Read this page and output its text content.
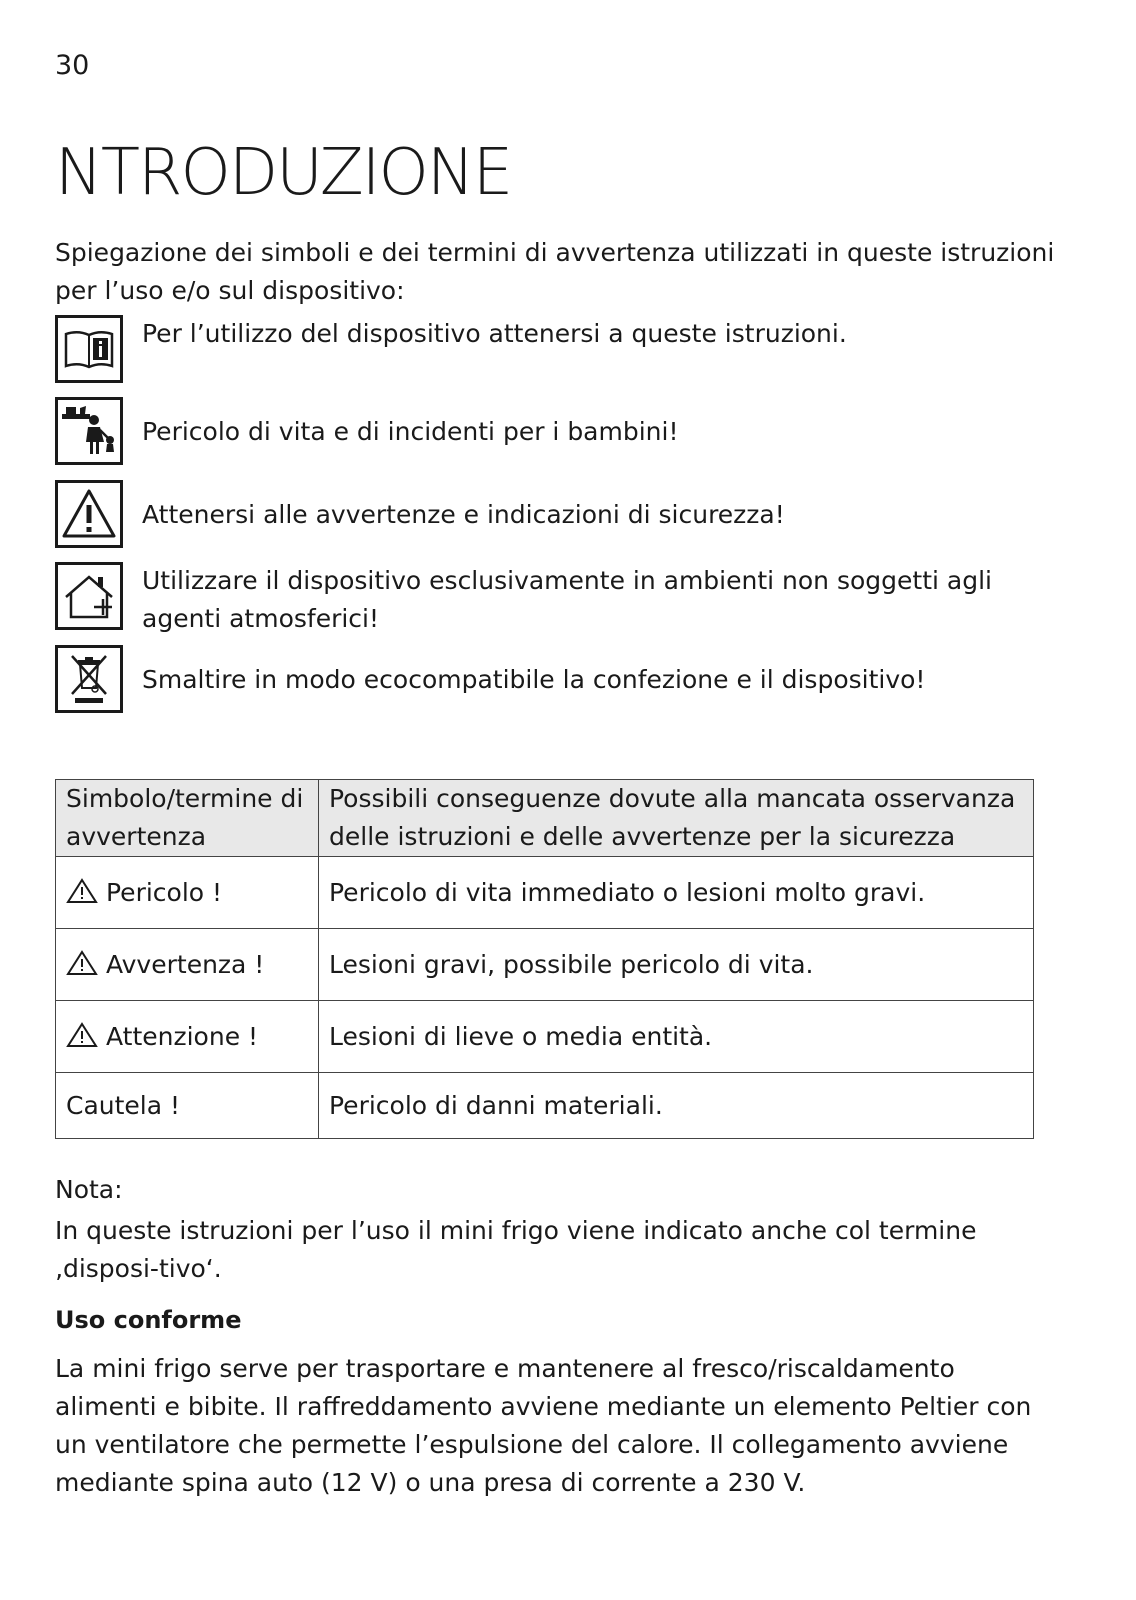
30
NTRODUZIONE

Spiegazione dei simboli e dei termini di avvertenza utilizzati in queste istruzioni per l’uso e/o sul dispositivo:

Per l’utilizzo del dispositivo attenersi a queste istruzioni.
Pericolo di vita e di incidenti per i bambini!
Attenersi alle avvertenze e indicazioni di sicurezza!
Utilizzare il dispositivo esclusivamente in ambienti non soggetti agli agenti atmosferici!
Smaltire in modo ecocompatibile la confezione e il dispositivo!
Simbolo/termine di avvertenza	Possibili conseguenze dovute alla mancata osservanza delle istruzioni e delle avvertenze per la sicurezza
Pericolo !	Pericolo di vita immediato o lesioni molto gravi.
Avvertenza !	Lesioni gravi, possibile pericolo di vita.
Attenzione !	Lesioni di lieve o media entità.
Cautela !	Pericolo di danni materiali.
Nota:

In queste istruzioni per l’uso il mini frigo viene indicato anche col termine ‚disposi-tivo‘.

Uso conforme

La mini frigo serve per trasportare e mantenere al fresco/riscaldamento alimenti e bibite. Il raffreddamento avviene mediante un elemento Peltier con un ventilatore che permette l’espulsione del calore. Il collegamento avviene mediante spina auto (12 V) o una presa di corrente a 230 V.
